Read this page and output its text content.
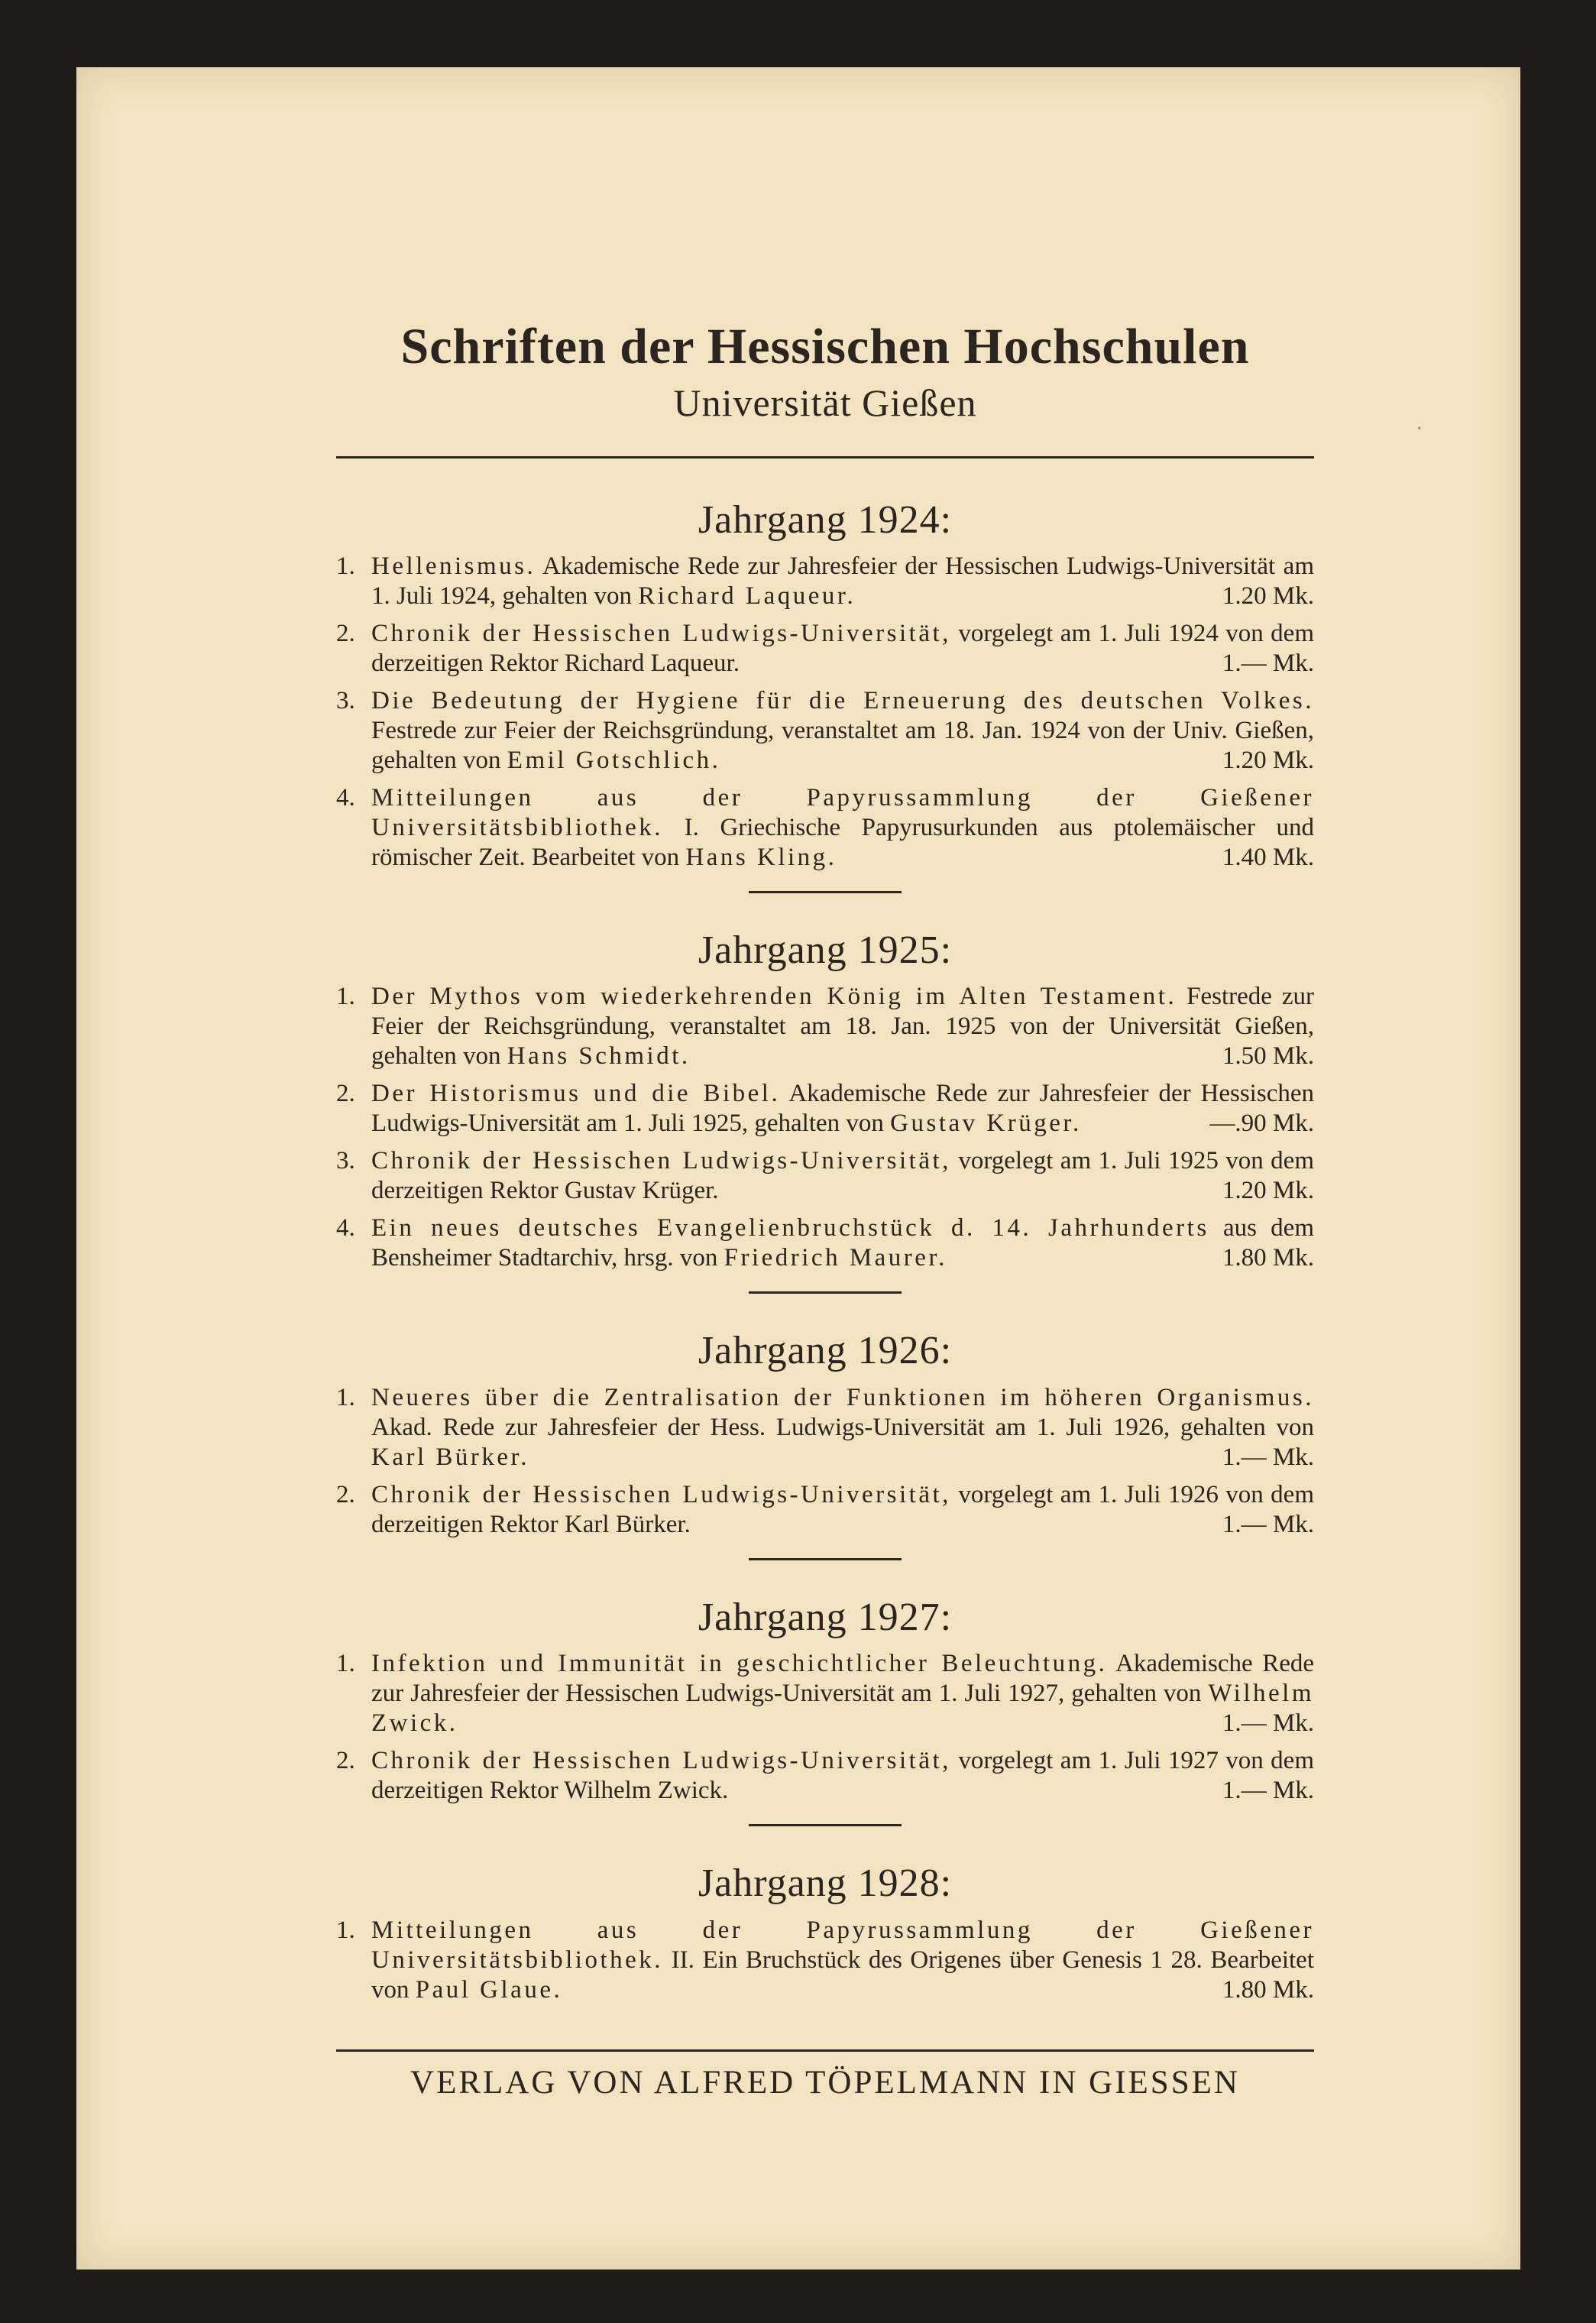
·
Schriften der Hessischen Hochschulen
Universität Gießen
Jahrgang 1924:
1. Hellenismus. Akademische Rede zur Jahresfeier der Hessischen Ludwigs-Universität am 1. Juli 1924, gehalten von Richard Laqueur.	1.20 Mk.
2. Chronik der Hessischen Ludwigs-Universität, vorgelegt am 1. Juli 1924 von dem derzeitigen Rektor Richard Laqueur.	1.— Mk.
3. Die Bedeutung der Hygiene für die Erneuerung des deutschen Volkes. Festrede zur Feier der Reichsgründung, veranstaltet am 18. Jan. 1924 von der Univ. Gießen, gehalten von Emil Gotschlich.	1.20 Mk.
4. Mitteilungen aus der Papyrussammlung der Gießener Universitätsbibliothek. I. Griechische Papyrusurkunden aus ptolemäischer und römischer Zeit. Bearbeitet von Hans Kling.	1.40 Mk.
Jahrgang 1925:
1. Der Mythos vom wiederkehrenden König im Alten Testament. Festrede zur Feier der Reichsgründung, veranstaltet am 18. Jan. 1925 von der Universität Gießen, gehalten von Hans Schmidt.	1.50 Mk.
2. Der Historismus und die Bibel. Akademische Rede zur Jahresfeier der Hessischen Ludwigs-Universität am 1. Juli 1925, gehalten von Gustav Krüger.	—.90 Mk.
3. Chronik der Hessischen Ludwigs-Universität, vorgelegt am 1. Juli 1925 von dem derzeitigen Rektor Gustav Krüger.	1.20 Mk.
4. Ein neues deutsches Evangelienbruchstück d. 14. Jahrhunderts aus dem Bensheimer Stadtarchiv, hrsg. von Friedrich Maurer.	1.80 Mk.
Jahrgang 1926:
1. Neueres über die Zentralisation der Funktionen im höheren Organismus. Akad. Rede zur Jahresfeier der Hess. Ludwigs-Universität am 1. Juli 1926, gehalten von Karl Bürker.	1.— Mk.
2. Chronik der Hessischen Ludwigs-Universität, vorgelegt am 1. Juli 1926 von dem derzeitigen Rektor Karl Bürker.	1.— Mk.
Jahrgang 1927:
1. Infektion und Immunität in geschichtlicher Beleuchtung. Akademische Rede zur Jahresfeier der Hessischen Ludwigs-Universität am 1. Juli 1927, gehalten von Wilhelm Zwick.	1.— Mk.
2. Chronik der Hessischen Ludwigs-Universität, vorgelegt am 1. Juli 1927 von dem derzeitigen Rektor Wilhelm Zwick.	1.— Mk.
Jahrgang 1928:
1. Mitteilungen aus der Papyrussammlung der Gießener Universitätsbibliothek. II. Ein Bruchstück des Origenes über Genesis 1 28. Bearbeitet von Paul Glaue.	1.80 Mk.
VERLAG VON ALFRED TÖPELMANN IN GIESSEN
